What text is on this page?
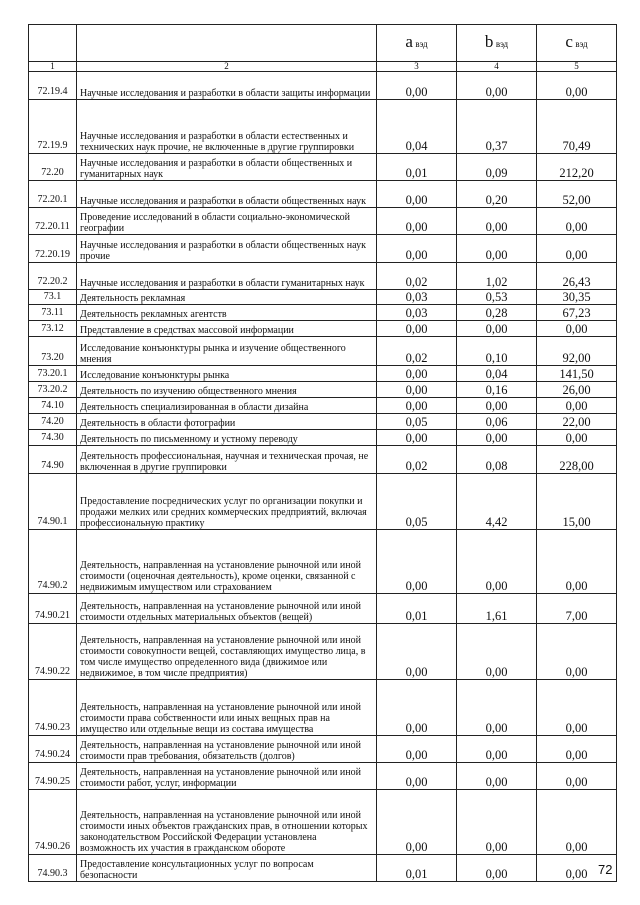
		a вэд	b вэд	c вэд
1	2	3	4	5
72.19.4	Научные исследования и разработки в области защиты информации	0,00	0,00	0,00
72.19.9	Научные исследования и разработки в области естественных и технических наук прочие, не включенные в другие группировки	0,04	0,37	70,49
72.20	Научные исследования и разработки в области общественных и гуманитарных наук	0,01	0,09	212,20
72.20.1	Научные исследования и разработки в области общественных наук	0,00	0,20	52,00
72.20.11	Проведение исследований в области социально-экономической географии	0,00	0,00	0,00
72.20.19	Научные исследования и разработки в области общественных наук прочие	0,00	0,00	0,00
72.20.2	Научные исследования и разработки в области гуманитарных наук	0,02	1,02	26,43
73.1	Деятельность рекламная	0,03	0,53	30,35
73.11	Деятельность рекламных агентств	0,03	0,28	67,23
73.12	Представление в средствах массовой информации	0,00	0,00	0,00
73.20	Исследование конъюнктуры рынка и изучение общественного мнения	0,02	0,10	92,00
73.20.1	Исследование конъюнктуры рынка	0,00	0,04	141,50
73.20.2	Деятельность по изучению общественного мнения	0,00	0,16	26,00
74.10	Деятельность специализированная в области дизайна	0,00	0,00	0,00
74.20	Деятельность в области фотографии	0,05	0,06	22,00
74.30	Деятельность по письменному и устному переводу	0,00	0,00	0,00
74.90	Деятельность профессиональная, научная и техническая прочая, не включенная в другие группировки	0,02	0,08	228,00
74.90.1	Предоставление посреднических услуг по организации покупки и продажи мелких или средних коммерческих предприятий, включая профессиональную практику	0,05	4,42	15,00
74.90.2	Деятельность, направленная на установление рыночной или иной стоимости (оценочная деятельность), кроме оценки, связанной с недвижимым имуществом или страхованием	0,00	0,00	0,00
74.90.21	Деятельность, направленная на установление рыночной или иной стоимости отдельных материальных объектов (вещей)	0,01	1,61	7,00
74.90.22	Деятельность, направленная на установление рыночной или иной стоимости совокупности вещей, составляющих имущество лица, в том числе имущество определенного вида (движимое или недвижимое, в том числе предприятия)	0,00	0,00	0,00
74.90.23	Деятельность, направленная на установление рыночной или иной стоимости права собственности или иных вещных прав на имущество или отдельные вещи из состава имущества	0,00	0,00	0,00
74.90.24	Деятельность, направленная на установление рыночной или иной стоимости прав требования, обязательств (долгов)	0,00	0,00	0,00
74.90.25	Деятельность, направленная на установление рыночной или иной стоимости работ, услуг, информации	0,00	0,00	0,00
74.90.26	Деятельность, направленная на установление рыночной или иной стоимости иных объектов гражданских прав, в отношении которых законодательством Российской Федерации установлена возможность их участия в гражданском обороте	0,00	0,00	0,00
74.90.3	Предоставление консультационных услуг по вопросам безопасности	0,01	0,00	0,00 72
